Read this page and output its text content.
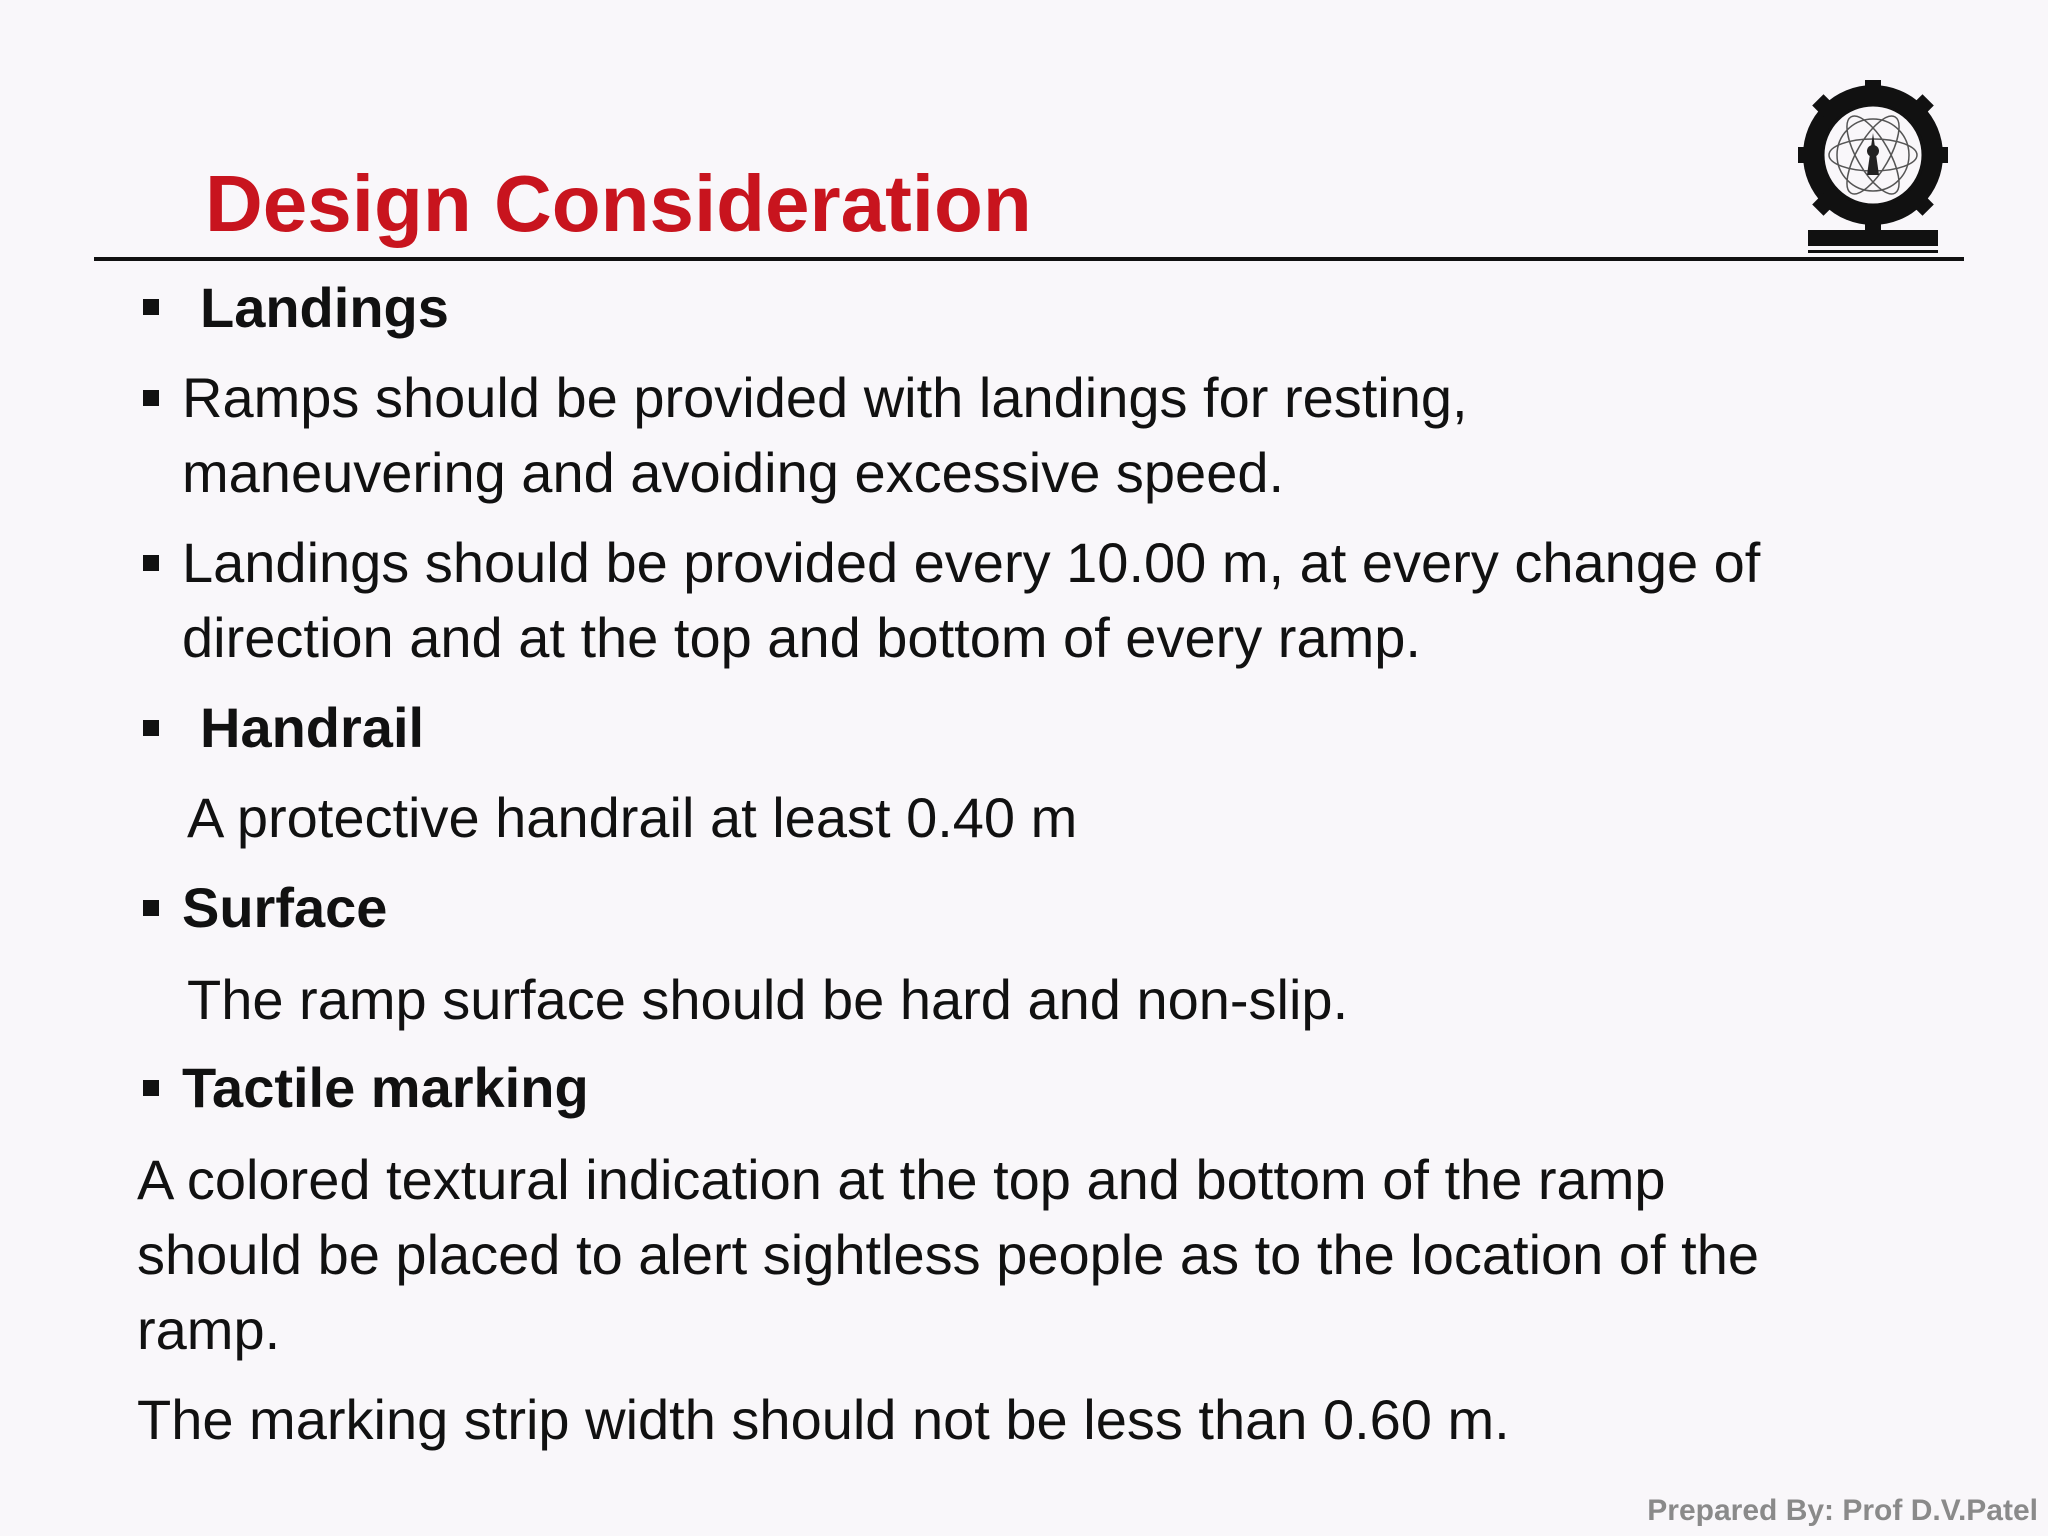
Design Consideration

Landings

Ramps should be provided with landings for resting,

maneuvering and avoiding excessive speed.

Landings should be provided every 10.00 m, at every change of

direction and at the top and bottom of every ramp.

Handrail

A protective handrail at least 0.40 m

Surface

The ramp surface should be hard and non-slip.

Tactile marking

A colored textural indication at the top and bottom of the ramp

should be placed to alert sightless people as to the location of the

ramp.

The marking strip width should not be less than 0.60 m.

Prepared By: Prof D.V.Patel
